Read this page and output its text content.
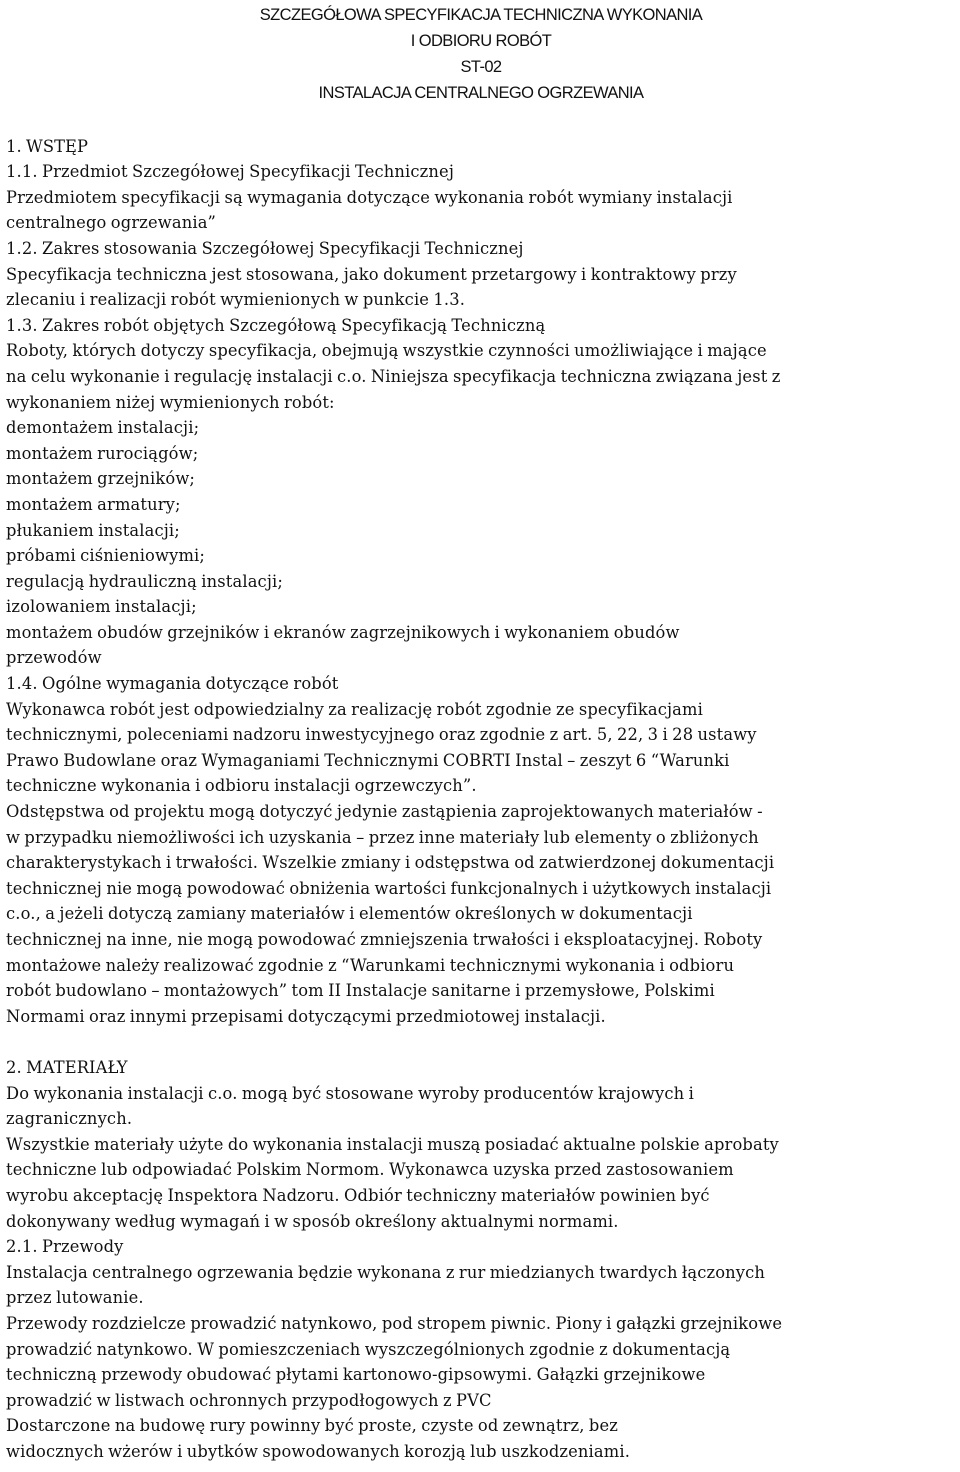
SZCZEGÓŁOWA SPECYFIKACJA TECHNICZNA WYKONANIA
I ODBIORU ROBÓT
ST-02
INSTALACJA CENTRALNEGO OGRZEWANIA
1. WSTĘP
1.1. Przedmiot Szczegółowej Specyfikacji Technicznej
Przedmiotem specyfikacji są wymagania dotyczące wykonania robót wymiany instalacji
centralnego ogrzewania”
1.2. Zakres stosowania Szczegółowej Specyfikacji Technicznej
Specyfikacja techniczna jest stosowana, jako dokument przetargowy i kontraktowy przy
zlecaniu i realizacji robót wymienionych w punkcie 1.3.
1.3. Zakres robót objętych Szczegółową Specyfikacją Techniczną
Roboty, których dotyczy specyfikacja, obejmują wszystkie czynności umożliwiające i mające
na celu wykonanie i regulację instalacji c.o. Niniejsza specyfikacja techniczna związana jest z
wykonaniem niżej wymienionych robót:
demontażem instalacji;
montażem rurociągów;
montażem grzejników;
montażem armatury;
płukaniem instalacji;
próbami ciśnieniowymi;
regulacją hydrauliczną instalacji;
izolowaniem instalacji;
montażem obudów grzejników i ekranów zagrzejnikowych i wykonaniem obudów
przewodów
1.4. Ogólne wymagania dotyczące robót
Wykonawca robót jest odpowiedzialny za realizację robót zgodnie ze specyfikacjami
technicznymi, poleceniami nadzoru inwestycyjnego oraz zgodnie z art. 5, 22, 3 i 28 ustawy
Prawo Budowlane oraz Wymaganiami Technicznymi COBRTI Instal – zeszyt 6 “Warunki
techniczne wykonania i odbioru instalacji ogrzewczych”.
Odstępstwa od projektu mogą dotyczyć jedynie zastąpienia zaprojektowanych materiałów -
w przypadku niemożliwości ich uzyskania – przez inne materiały lub elementy o zbliżonych
charakterystykach i trwałości. Wszelkie zmiany i odstępstwa od zatwierdzonej dokumentacji
technicznej nie mogą powodować obniżenia wartości funkcjonalnych i użytkowych instalacji
c.o., a jeżeli dotyczą zamiany materiałów i elementów określonych w dokumentacji
technicznej na inne, nie mogą powodować zmniejszenia trwałości i eksploatacyjnej. Roboty
montażowe należy realizować zgodnie z “Warunkami technicznymi wykonania i odbioru
robót budowlano – montażowych” tom II Instalacje sanitarne i przemysłowe, Polskimi
Normami oraz innymi przepisami dotyczącymi przedmiotowej instalacji.
2. MATERIAŁY
Do wykonania instalacji c.o. mogą być stosowane wyroby producentów krajowych i
zagranicznych.
Wszystkie materiały użyte do wykonania instalacji muszą posiadać aktualne polskie aprobaty
techniczne lub odpowiadać Polskim Normom. Wykonawca uzyska przed zastosowaniem
wyrobu akceptację Inspektora Nadzoru. Odbiór techniczny materiałów powinien być
dokonywany według wymagań i w sposób określony aktualnymi normami.
2.1. Przewody
Instalacja centralnego ogrzewania będzie wykonana z rur miedzianych twardych łączonych
przez lutowanie.
Przewody rozdzielcze prowadzić natynkowo, pod stropem piwnic. Piony i gałązki grzejnikowe
prowadzić natynkowo. W pomieszczeniach wyszczególnionych zgodnie z dokumentacją
techniczną przewody obudować płytami kartonowo-gipsowymi. Gałązki grzejnikowe
prowadzić w listwach ochronnych przypodłogowych z PVC
Dostarczone na budowę rury powinny być proste, czyste od zewnątrz, bez
widocznych wżerów i ubytków spowodowanych korozją lub uszkodzeniami.
